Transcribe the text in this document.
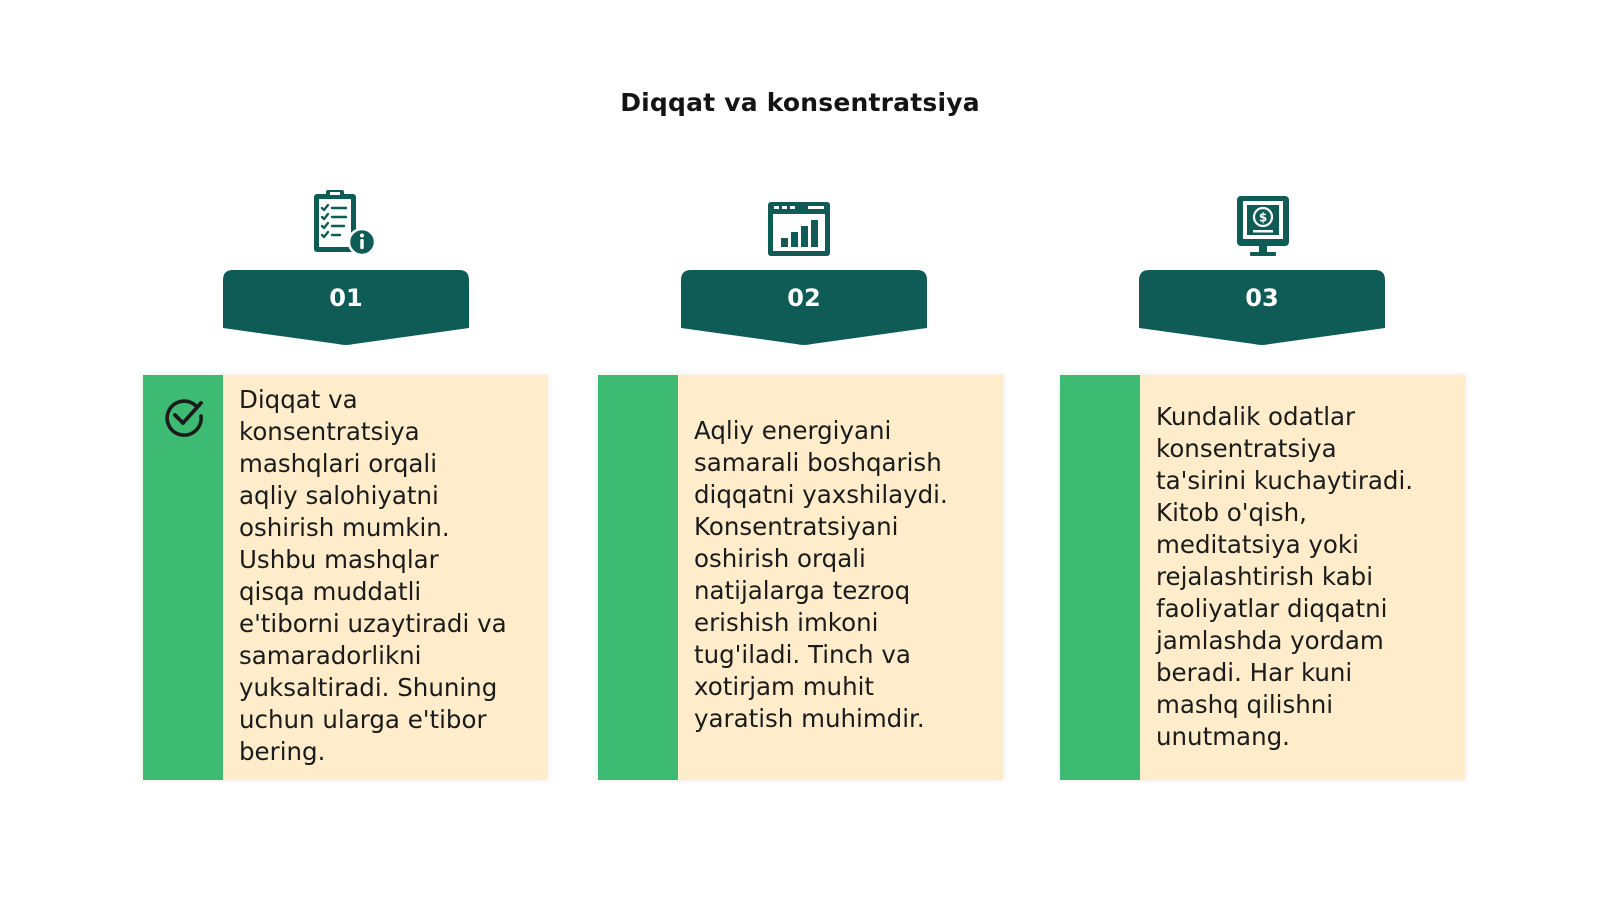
Diqqat va konsentratsiya
01
Diqqat va
konsentratsiya
mashqlari orqali
aqliy salohiyatni
oshirish mumkin.
Ushbu mashqlar
qisqa muddatli
e'tiborni uzaytiradi va
samaradorlikni
yuksaltiradi. Shuning
uchun ularga e'tibor
bering.
02
Aqliy energiyani
samarali boshqarish
diqqatni yaxshilaydi.
Konsentratsiyani
oshirish orqali
natijalarga tezroq
erishish imkoni
tug'iladi. Tinch va
xotirjam muhit
yaratish muhimdir.
$
03
Kundalik odatlar
konsentratsiya
ta'sirini kuchaytiradi.
Kitob o'qish,
meditatsiya yoki
rejalashtirish kabi
faoliyatlar diqqatni
jamlashda yordam
beradi. Har kuni
mashq qilishni
unutmang.
